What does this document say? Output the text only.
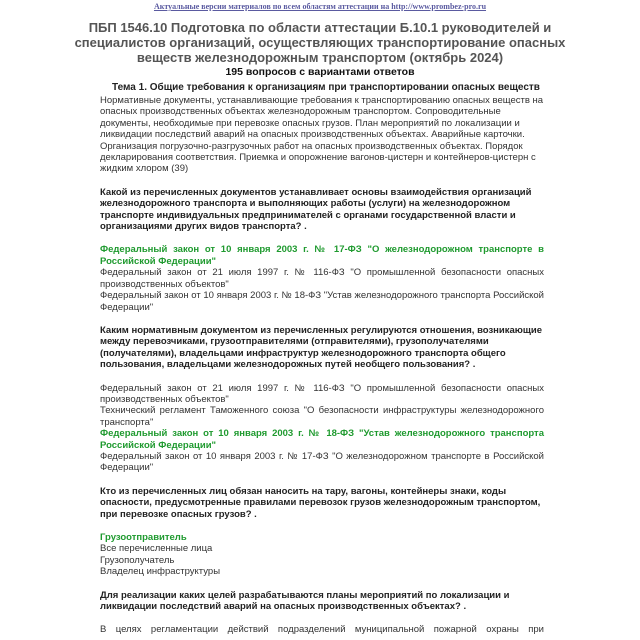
Актуальные версии материалов по всем областям аттестации на http://www.prombez-pro.ru
ПБП 1546.10 Подготовка по области аттестации Б.10.1 руководителей и специалистов организаций, осуществляющих транспортирование опасных веществ железнодорожным транспортом (октябрь 2024)
195 вопросов с вариантами ответов
Тема 1. Общие требования к организациям при транспортировании опасных веществ
Нормативные документы, устанавливающие требования к транспортированию опасных веществ на опасных производственных объектах железнодорожным транспортом. Сопроводительные документы, необходимые при перевозке опасных грузов. План мероприятий по локализации и ликвидации последствий аварий на опасных производственных объектах. Аварийные карточки. Организация погрузочно-разгрузочных работ на опасных производственных объектах. Порядок декларирования соответствия. Приемка и опорожнение вагонов-цистерн и контейнеров-цистерн с жидким хлором (39)
Какой из перечисленных документов устанавливает основы взаимодействия организаций железнодорожного транспорта и выполняющих работы (услуги) на железнодорожном транспорте индивидуальных предпринимателей с органами государственной власти и организациями других видов транспорта? .
Федеральный закон от 10 января 2003 г. № 17-ФЗ "О железнодорожном транспорте в Российской Федерации"
Федеральный закон от 21 июля 1997 г. № 116-ФЗ "О промышленной безопасности опасных производственных объектов"
Федеральный закон от 10 января 2003 г. № 18-ФЗ "Устав железнодорожного транспорта Российской Федерации"
Каким нормативным документом из перечисленных регулируются отношения, возникающие между перевозчиками, грузоотправителями (отправителями), грузополучателями (получателями), владельцами инфраструктур железнодорожного транспорта общего пользования, владельцами железнодорожных путей необщего пользования? .
Федеральный закон от 21 июля 1997 г. № 116-ФЗ "О промышленной безопасности опасных производственных объектов"
Технический регламент Таможенного союза "О безопасности инфраструктуры железнодорожного транспорта"
Федеральный закон от 10 января 2003 г. № 18-ФЗ "Устав железнодорожного транспорта Российской Федерации"
Федеральный закон от 10 января 2003 г. № 17-ФЗ "О железнодорожном транспорте в Российской Федерации"
Кто из перечисленных лиц обязан наносить на тару, вагоны, контейнеры знаки, коды опасности, предусмотренные правилами перевозок грузов железнодорожным транспортом, при перевозке опасных грузов? .
Грузоотправитель
Все перечисленные лица
Грузополучатель
Владелец инфраструктуры
Для реализации каких целей разрабатываются планы мероприятий по локализации и ликвидации последствий аварий на опасных производственных объектах? .
В целях регламентации действий подразделений муниципальной пожарной охраны при
